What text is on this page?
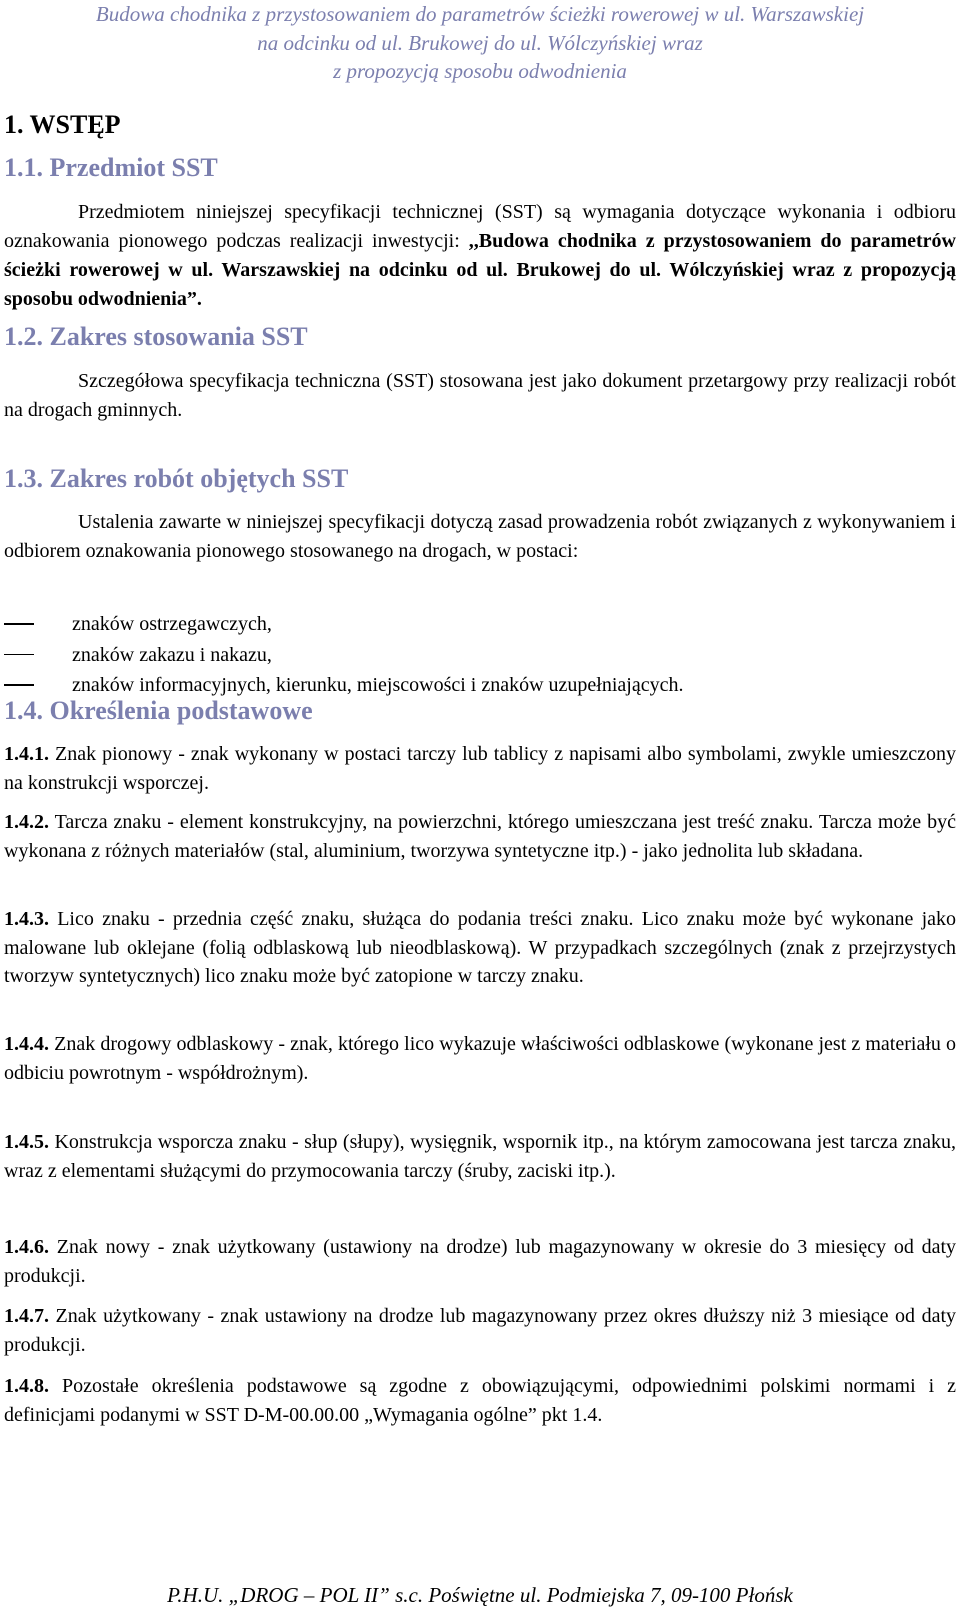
Budowa chodnika z przystosowaniem do parametrów ścieżki rowerowej w ul. Warszawskiej
na odcinku od ul. Brukowej do ul. Wólczyńskiej wraz
z propozycją sposobu odwodnienia
1. WSTĘP
1.1. Przedmiot SST
Przedmiotem niniejszej specyfikacji technicznej (SST) są wymagania dotyczące wykonania i odbioru oznakowania pionowego podczas realizacji inwestycji: ,,Budowa chodnika z przystosowaniem do parametrów ścieżki rowerowej w ul. Warszawskiej na odcinku od ul. Brukowej do ul. Wólczyńskiej wraz z propozycją sposobu odwodnienia”.
1.2. Zakres stosowania SST
Szczegółowa specyfikacja techniczna (SST) stosowana jest jako dokument przetargowy przy realizacji robót na drogach gminnych.
1.3. Zakres robót objętych SST
Ustalenia zawarte w niniejszej specyfikacji dotyczą zasad prowadzenia robót związanych z wykonywaniem i odbiorem oznakowania pionowego stosowanego na drogach, w postaci:
znaków ostrzegawczych,
znaków zakazu i nakazu,
znaków informacyjnych, kierunku, miejscowości i znaków uzupełniających.
1.4. Określenia podstawowe
1.4.1. Znak pionowy - znak wykonany w postaci tarczy lub tablicy z napisami albo symbolami, zwykle umieszczony na konstrukcji wsporczej.
1.4.2. Tarcza znaku - element konstrukcyjny, na powierzchni, którego umieszczana jest treść znaku. Tarcza może być wykonana z różnych materiałów (stal, aluminium, tworzywa syntetyczne itp.) - jako jednolita lub składana.
1.4.3. Lico znaku - przednia część znaku, służąca do podania treści znaku. Lico znaku może być wykonane jako malowane lub oklejane (folią odblaskową lub nieodblaskową). W przypadkach szczególnych (znak z przejrzystych tworzyw syntetycznych) lico znaku może być zatopione w tarczy znaku.
1.4.4. Znak drogowy odblaskowy - znak, którego lico wykazuje właściwości odblaskowe (wykonane jest z materiału o odbiciu powrotnym - współdrożnym).
1.4.5. Konstrukcja wsporcza znaku - słup (słupy), wysięgnik, wspornik itp., na którym zamocowana jest tarcza znaku, wraz z elementami służącymi do przymocowania tarczy (śruby, zaciski itp.).
1.4.6. Znak nowy - znak użytkowany (ustawiony na drodze) lub magazynowany w okresie do 3 miesięcy od daty produkcji.
1.4.7. Znak użytkowany - znak ustawiony na drodze lub magazynowany przez okres dłuższy niż 3 miesiące od daty produkcji.
1.4.8. Pozostałe określenia podstawowe są zgodne z obowiązującymi, odpowiednimi polskimi normami i z definicjami podanymi w SST D-M-00.00.00 „Wymagania ogólne” pkt 1.4.
P.H.U. „DROG – POL II” s.c. Poświętne ul. Podmiejska 7, 09-100 Płońsk
